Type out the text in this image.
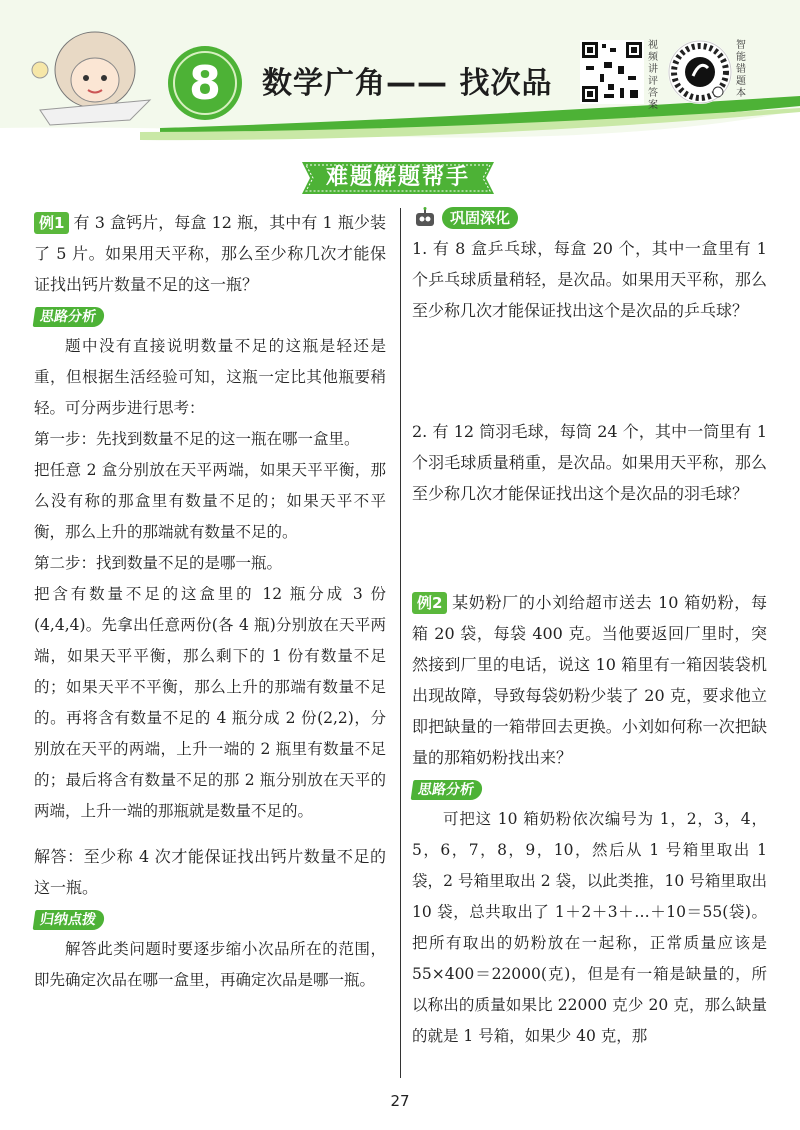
8	数学广角—— 找次品
视频讲评答案
智能错题本
难题解题帮手

例1 有 3 盒钙片，每盒 12 瓶，其中有 1 瓶少装了 5 片。如果用天平称，那么至少称几次才能保证找出钙片数量不足的这一瓶？

思路分析

题中没有直接说明数量不足的这瓶是轻还是重，但根据生活经验可知，这瓶一定比其他瓶要稍轻。可分两步进行思考：

第一步：先找到数量不足的这一瓶在哪一盒里。

把任意 2 盒分别放在天平两端，如果天平平衡，那么没有称的那盒里有数量不足的；如果天平不平衡，那么上升的那端就有数量不足的。

第二步：找到数量不足的是哪一瓶。

把含有数量不足的这盒里的 12 瓶分成 3 份(4,4,4)。先拿出任意两份(各 4 瓶)分别放在天平两端，如果天平平衡，那么剩下的 1 份有数量不足的；如果天平不平衡，那么上升的那端有数量不足的。再将含有数量不足的 4 瓶分成 2 份(2,2)，分别放在天平的两端，上升一端的 2 瓶里有数量不足的；最后将含有数量不足的那 2 瓶分别放在天平的两端，上升一端的那瓶就是数量不足的。

解答：至少称 4 次才能保证找出钙片数量不足的这一瓶。

归纳点拨

解答此类问题时要逐步缩小次品所在的范围，即先确定次品在哪一盒里，再确定次品是哪一瓶。

巩固深化

1. 有 8 盒乒乓球，每盒 20 个，其中一盒里有 1 个乒乓球质量稍轻，是次品。如果用天平称，那么至少称几次才能保证找出这个是次品的乒乓球？

2. 有 12 筒羽毛球，每筒 24 个，其中一筒里有 1 个羽毛球质量稍重，是次品。如果用天平称，那么至少称几次才能保证找出这个是次品的羽毛球？

例2 某奶粉厂的小刘给超市送去 10 箱奶粉，每箱 20 袋，每袋 400 克。当他要返回厂里时，突然接到厂里的电话，说这 10 箱里有一箱因装袋机出现故障，导致每袋奶粉少装了 20 克，要求他立即把缺量的一箱带回去更换。小刘如何称一次把缺量的那箱奶粉找出来？

思路分析

可把这 10 箱奶粉依次编号为 1，2，3，4，5，6，7，8，9，10，然后从 1 号箱里取出 1 袋，2 号箱里取出 2 袋，以此类推，10 号箱里取出 10 袋，总共取出了 1＋2＋3＋…＋10＝55(袋)。把所有取出的奶粉放在一起称，正常质量应该是 55×400＝22000(克)，但是有一箱是缺量的，所以称出的质量如果比 22000 克少 20 克，那么缺量的就是 1 号箱，如果少 40 克，那

27
